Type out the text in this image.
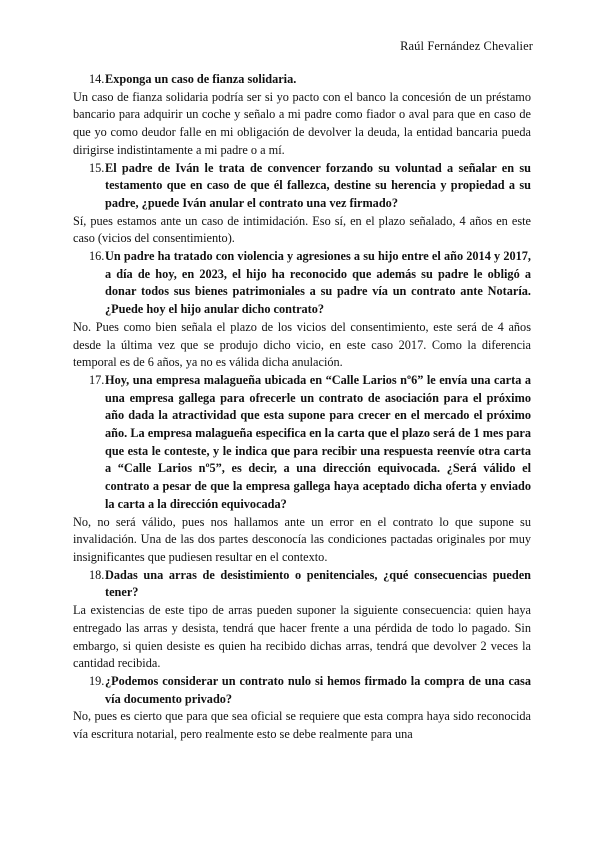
Raúl Fernández Chevalier
14. Exponga un caso de fianza solidaria.

Un caso de fianza solidaria podría ser si yo pacto con el banco la concesión de un préstamo bancario para adquirir un coche y señalo a mi padre como fiador o aval para que en caso de que yo como deudor falle en mi obligación de devolver la deuda, la entidad bancaria pueda dirigirse indistintamente a mi padre o a mí.

15. El padre de Iván le trata de convencer forzando su voluntad a señalar en su testamento que en caso de que él fallezca, destine su herencia y propiedad a su padre, ¿puede Iván anular el contrato una vez firmado?

Sí, pues estamos ante un caso de intimidación. Eso sí, en el plazo señalado, 4 años en este caso (vicios del consentimiento).

16. Un padre ha tratado con violencia y agresiones a su hijo entre el año 2014 y 2017, a día de hoy, en 2023, el hijo ha reconocido que además su padre le obligó a donar todos sus bienes patrimoniales a su padre vía un contrato ante Notaría. ¿Puede hoy el hijo anular dicho contrato?

No. Pues como bien señala el plazo de los vicios del consentimiento, este será de 4 años desde la última vez que se produjo dicho vicio, en este caso 2017. Como la diferencia temporal es de 6 años, ya no es válida dicha anulación.

17. Hoy, una empresa malagueña ubicada en “Calle Larios nº6” le envía una carta a una empresa gallega para ofrecerle un contrato de asociación para el próximo año dada la atractividad que esta supone para crecer en el mercado el próximo año. La empresa malagueña especifica en la carta que el plazo será de 1 mes para que esta le conteste, y le indica que para recibir una respuesta reenvíe otra carta a “Calle Larios nº5”, es decir, a una dirección equivocada. ¿Será válido el contrato a pesar de que la empresa gallega haya aceptado dicha oferta y enviado la carta a la dirección equivocada?

No, no será válido, pues nos hallamos ante un error en el contrato lo que supone su invalidación. Una de las dos partes desconocía las condiciones pactadas originales por muy insignificantes que pudiesen resultar en el contexto.

18. Dadas una arras de desistimiento o penitenciales, ¿qué consecuencias pueden tener?

La existencias de este tipo de arras pueden suponer la siguiente consecuencia: quien haya entregado las arras y desista, tendrá que hacer frente a una pérdida de todo lo pagado. Sin embargo, si quien desiste es quien ha recibido dichas arras, tendrá que devolver 2 veces la cantidad recibida.

19. ¿Podemos considerar un contrato nulo si hemos firmado la compra de una casa vía documento privado?

No, pues es cierto que para que sea oficial se requiere que esta compra haya sido reconocida vía escritura notarial, pero realmente esto se debe realmente para una
